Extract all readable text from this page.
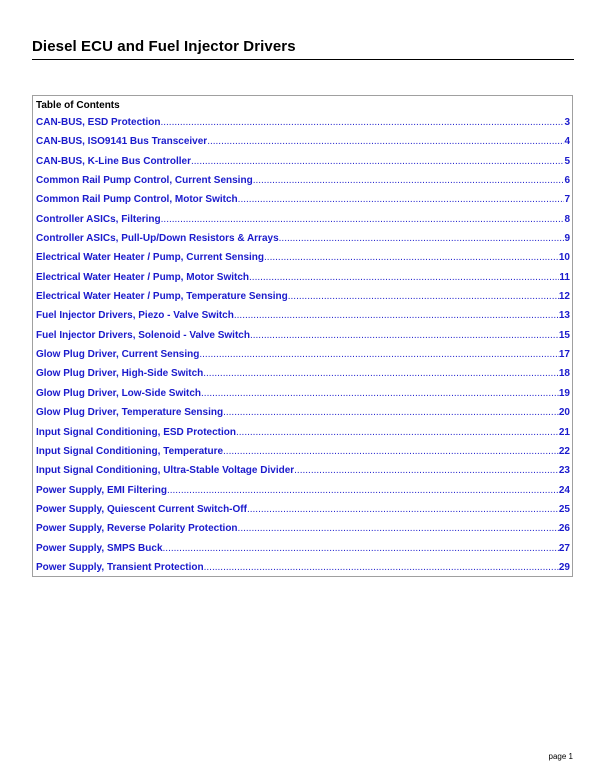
Diesel ECU and Fuel Injector Drivers
Table of Contents
CAN-BUS, ESD Protection .....	3
CAN-BUS, ISO9141 Bus Transceiver .....	4
CAN-BUS, K-Line Bus Controller .....	5
Common Rail Pump Control, Current Sensing .....	6
Common Rail Pump Control, Motor Switch .....	7
Controller ASICs, Filtering .....	8
Controller ASICs, Pull-Up/Down Resistors & Arrays .....	9
Electrical Water Heater / Pump, Current Sensing .....	10
Electrical Water Heater / Pump, Motor Switch .....	11
Electrical Water Heater / Pump, Temperature Sensing .....	12
Fuel Injector Drivers, Piezo - Valve Switch .....	13
Fuel Injector Drivers, Solenoid - Valve Switch .....	15
Glow Plug Driver, Current Sensing .....	17
Glow Plug Driver, High-Side Switch .....	18
Glow Plug Driver, Low-Side Switch .....	19
Glow Plug Driver, Temperature Sensing .....	20
Input Signal Conditioning, ESD Protection .....	21
Input Signal Conditioning, Temperature .....	22
Input Signal Conditioning, Ultra-Stable Voltage Divider .....	23
Power Supply, EMI Filtering .....	24
Power Supply, Quiescent Current Switch-Off .....	25
Power Supply, Reverse Polarity Protection .....	26
Power Supply, SMPS Buck .....	27
Power Supply, Transient Protection .....	29
page 1
